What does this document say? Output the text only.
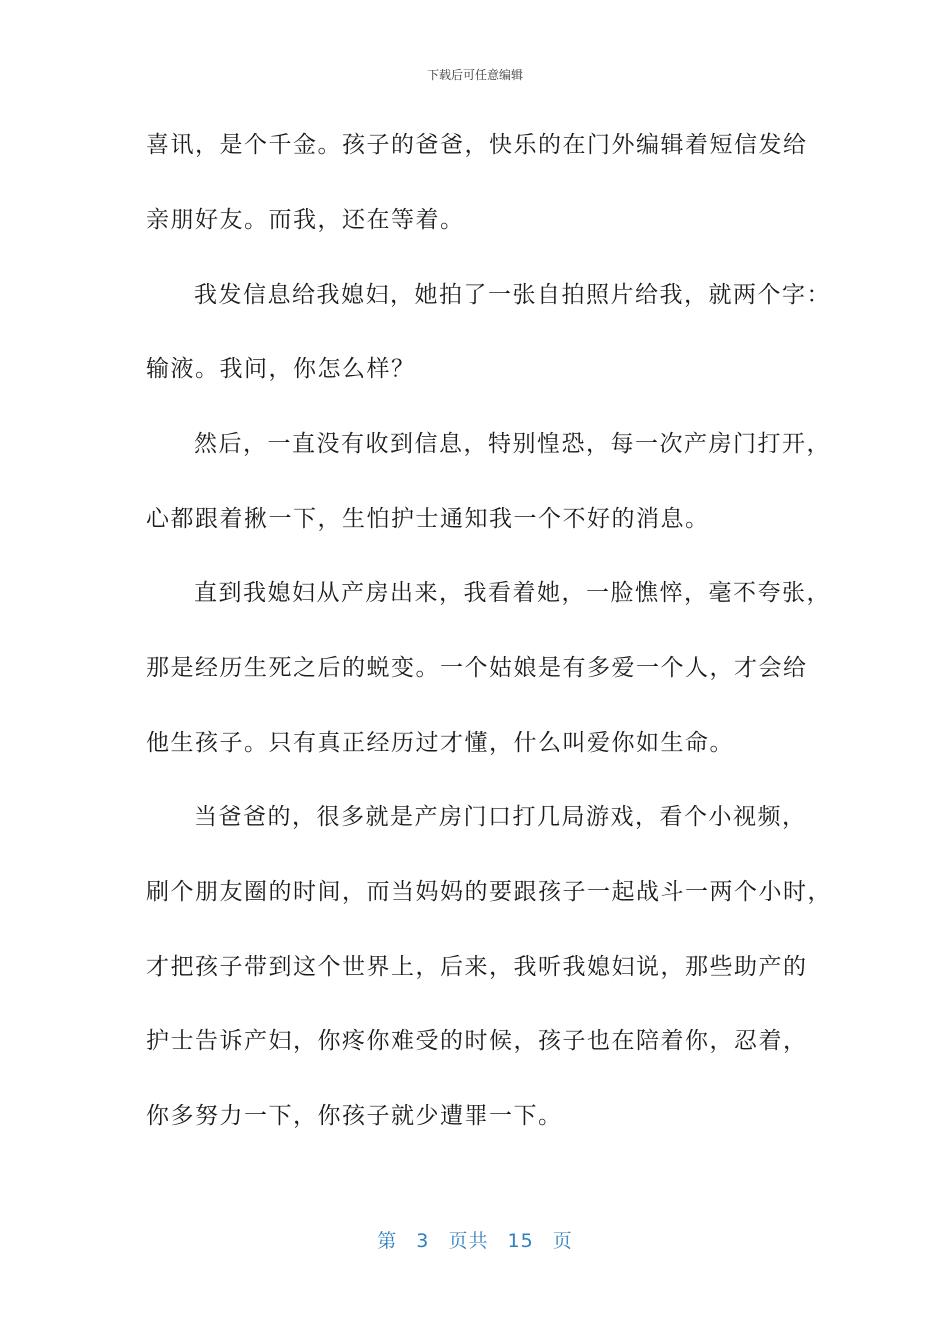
下载后可任意编辑
喜讯，是个千金。孩子的爸爸，快乐的在门外编辑着短信发给
亲朋好友。而我，还在等着。
我发信息给我媳妇，她拍了一张自拍照片给我，就两个字：
输液。我问，你怎么样？
然后，一直没有收到信息，特别惶恐，每一次产房门打开，
心都跟着揪一下，生怕护士通知我一个不好的消息。
直到我媳妇从产房出来，我看着她，一脸憔悴，毫不夸张，
那是经历生死之后的蜕变。一个姑娘是有多爱一个人，才会给
他生孩子。只有真正经历过才懂，什么叫爱你如生命。
当爸爸的，很多就是产房门口打几局游戏，看个小视频，
刷个朋友圈的时间，而当妈妈的要跟孩子一起战斗一两个小时，
才把孩子带到这个世界上，后来，我听我媳妇说，那些助产的
护士告诉产妇，你疼你难受的时候，孩子也在陪着你，忍着，
你多努力一下，你孩子就少遭罪一下。
第 3 页共 15 页
